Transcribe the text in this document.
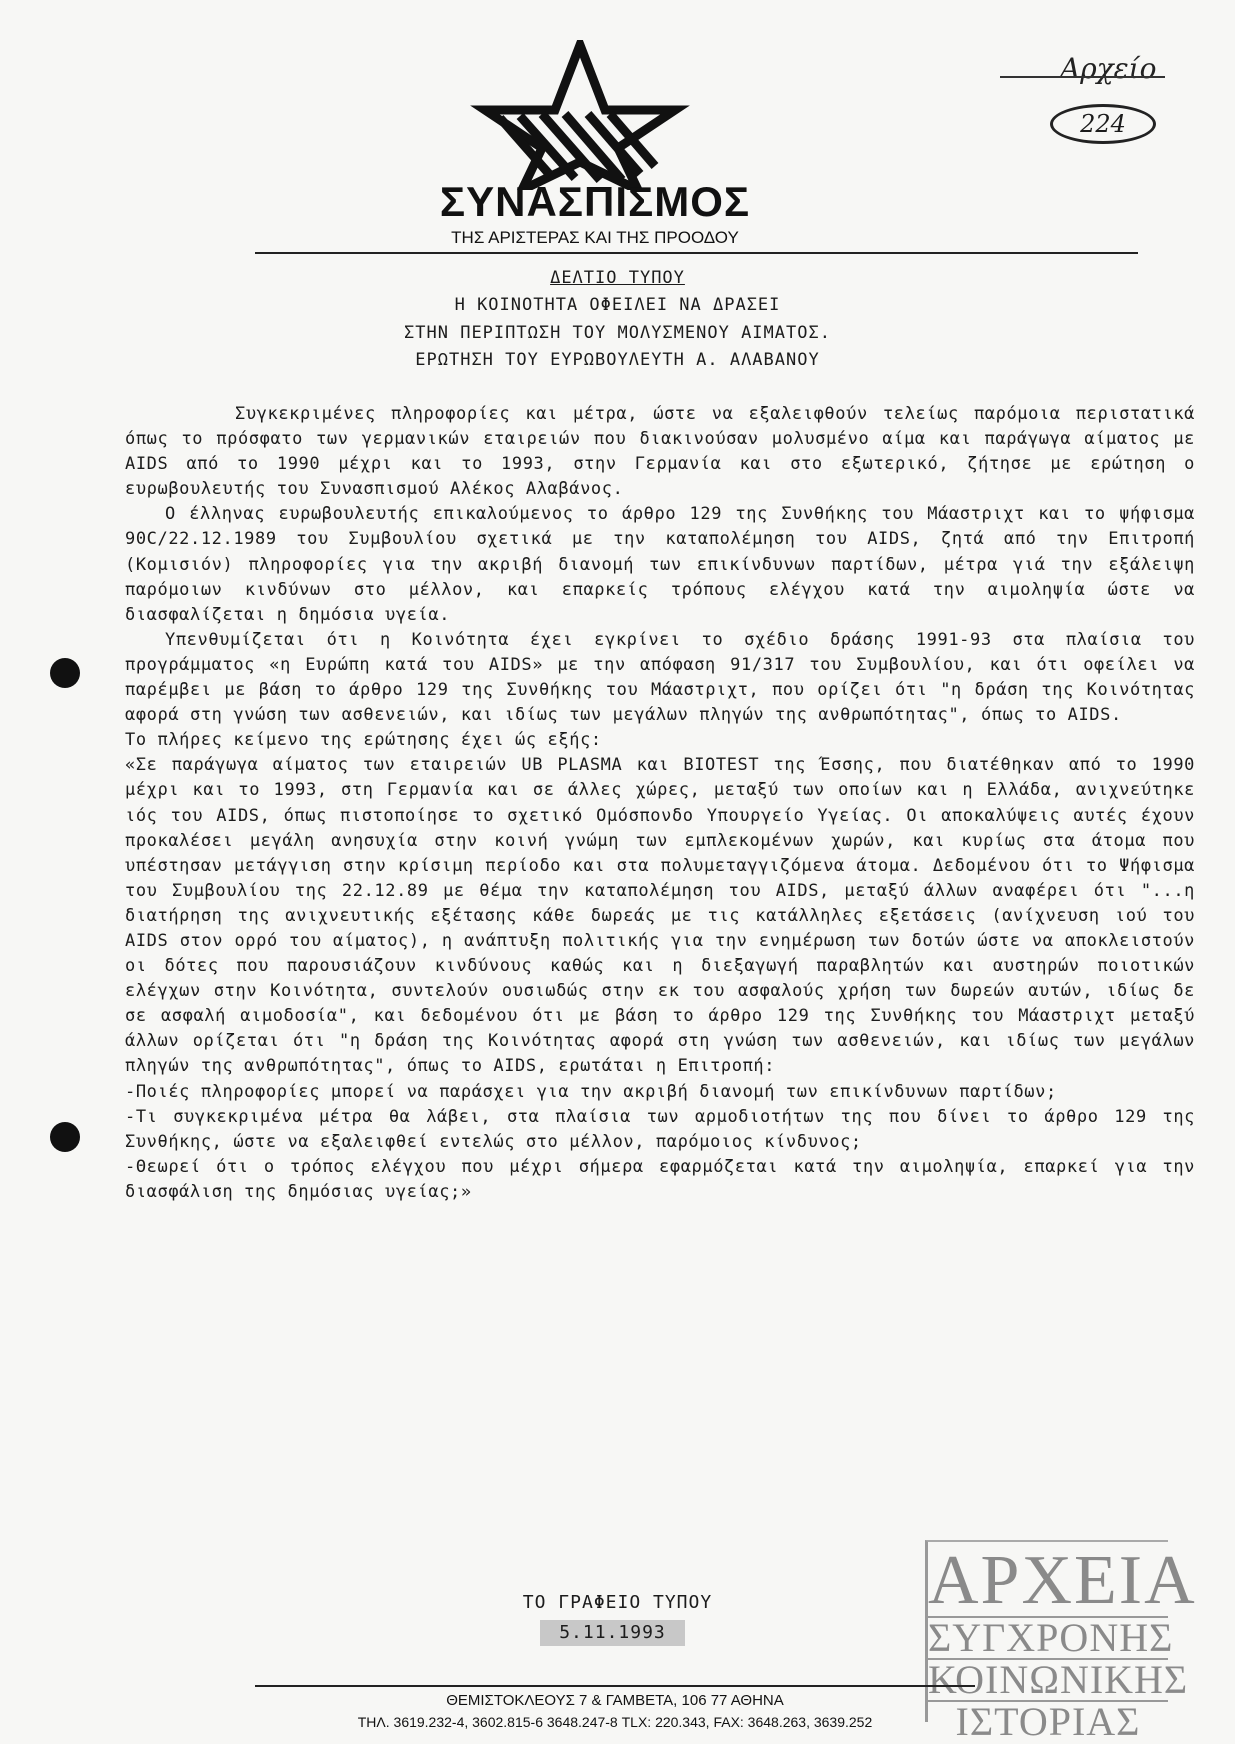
ΣΥΝΑΣΠΙΣΜΟΣ
ΤΗΣ ΑΡΙΣΤΕΡΑΣ ΚΑΙ ΤΗΣ ΠΡΟΟΔΟΥ
Αρχείο
224
ΔΕΛΤΙΟ ΤΥΠΟΥ
Η ΚΟΙΝΟΤΗΤΑ ΟΦΕΙΛΕΙ ΝΑ ΔΡΑΣΕΙ
ΣΤΗΝ ΠΕΡΙΠΤΩΣΗ ΤΟΥ ΜΟΛΥΣΜΕΝΟΥ ΑΙΜΑΤΟΣ.
ΕΡΩΤΗΣΗ ΤΟΥ ΕΥΡΩΒΟΥΛΕΥΤΗ Α. ΑΛΑΒΑΝΟΥ

Συγκεκριμένες πληροφορίες και μέτρα, ώστε να εξαλειφθούν τελείως παρόμοια περιστατικά όπως το πρόσφατο των γερμανικών εταιρειών που διακινούσαν μολυσμένο αίμα και παράγωγα αίματος με AIDS από το 1990 μέχρι και το 1993, στην Γερμανία και στο εξωτερικό, ζήτησε με ερώτηση ο ευρωβουλευτής του Συνασπισμού Αλέκος Αλαβάνος.

Ο έλληνας ευρωβουλευτής επικαλούμενος το άρθρο 129 της Συνθήκης του Μάαστριχτ και το ψήφισμα 90C/22.12.1989 του Συμβουλίου σχετικά με την καταπολέμηση του AIDS, ζητά από την Επιτροπή (Κομισιόν) πληροφορίες για την ακριβή διανομή των επικίνδυνων παρτίδων, μέτρα γιά την εξάλειψη παρόμοιων κινδύνων στο μέλλον, και επαρκείς τρόπους ελέγχου κατά την αιμοληψία ώστε να διασφαλίζεται η δημόσια υγεία.

Υπενθυμίζεται ότι η Κοινότητα έχει εγκρίνει το σχέδιο δράσης 1991-93 στα πλαίσια του προγράμματος «η Ευρώπη κατά του AIDS» με την απόφαση 91/317 του Συμβουλίου, και ότι οφείλει να παρέμβει με βάση το άρθρο 129 της Συνθήκης του Μάαστριχτ, που ορίζει ότι "η δράση της Κοινότητας αφορά στη γνώση των ασθενειών, και ιδίως των μεγάλων πληγών της ανθρωπότητας", όπως το AIDS.

Το πλήρες κείμενο της ερώτησης έχει ώς εξής:

«Σε παράγωγα αίματος των εταιρειών UB PLASMA και BIOTEST της Έσσης, που διατέθηκαν από το 1990 μέχρι και το 1993, στη Γερμανία και σε άλλες χώρες, μεταξύ των οποίων και η Ελλάδα, ανιχνεύτηκε ιός του AIDS, όπως πιστοποίησε το σχετικό Ομόσπονδο Υπουργείο Υγείας. Οι αποκαλύψεις αυτές έχουν προκαλέσει μεγάλη ανησυχία στην κοινή γνώμη των εμπλεκομένων χωρών, και κυρίως στα άτομα που υπέστησαν μετάγγιση στην κρίσιμη περίοδο και στα πολυμεταγγιζόμενα άτομα. Δεδομένου ότι το Ψήφισμα του Συμβουλίου της 22.12.89 με θέμα την καταπολέμηση του AIDS, μεταξύ άλλων αναφέρει ότι "...η διατήρηση της ανιχνευτικής εξέτασης κάθε δωρεάς με τις κατάλληλες εξετάσεις (ανίχνευση ιού του AIDS στον ορρό του αίματος), η ανάπτυξη πολιτικής για την ενημέρωση των δοτών ώστε να αποκλειστούν οι δότες που παρουσιάζουν κινδύνους καθώς και η διεξαγωγή παραβλητών και αυστηρών ποιοτικών ελέγχων στην Κοινότητα, συντελούν ουσιωδώς στην εκ του ασφαλούς χρήση των δωρεών αυτών, ιδίως δε σε ασφαλή αιμοδοσία", και δεδομένου ότι με βάση το άρθρο 129 της Συνθήκης του Μάαστριχτ μεταξύ άλλων ορίζεται ότι "η δράση της Κοινότητας αφορά στη γνώση των ασθενειών, και ιδίως των μεγάλων πληγών της ανθρωπότητας", όπως το AIDS, ερωτάται η Επιτροπή:

-Ποιές πληροφορίες μπορεί να παράσχει για την ακριβή διανομή των επικίνδυνων παρτίδων;

-Τι συγκεκριμένα μέτρα θα λάβει, στα πλαίσια των αρμοδιοτήτων της που δίνει το άρθρο 129 της Συνθήκης, ώστε να εξαλειφθεί εντελώς στο μέλλον, παρόμοιος κίνδυνος;

-Θεωρεί ότι ο τρόπος ελέγχου που μέχρι σήμερα εφαρμόζεται κατά την αιμοληψία, επαρκεί για την διασφάλιση της δημόσιας υγείας;»

ΤΟ ΓΡΑΦΕΙΟ ΤΥΠΟΥ
5.11.1993
ΑΡΧΕΙΑ
ΣΥΓΧΡΟΝΗΣ
ΚΟΙΝΩΝΙΚΗΣ
ΙΣΤΟΡΙΑΣ
ΘΕΜΙΣΤΟΚΛΕΟΥΣ 7 & ΓΑΜΒΕΤΑ, 106 77 ΑΘΗΝΑ
ΤΗΛ. 3619.232-4, 3602.815-6 3648.247-8 TLX: 220.343, FAX: 3648.263, 3639.252
